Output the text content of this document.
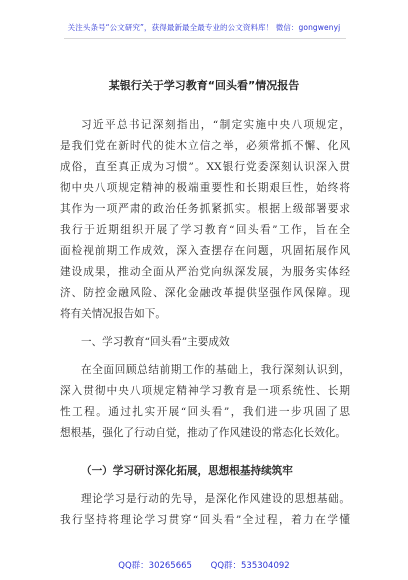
关注头条号“公文研究”，获得最新最全最专业的公文资料库！ 微信：gongwenyj
某银行关于学习教育“回头看”情况报告
习近平总书记深刻指出，“制定实施中央八项规定，
是我们党在新时代的徙木立信之举，必须常抓不懈、化风
成俗，直至真正成为习惯”。XX银行党委深刻认识深入贯
彻中央八项规定精神的极端重要性和长期艰巨性，始终将
其作为一项严肃的政治任务抓紧抓实。根据上级部署要求
我行于近期组织开展了学习教育“回头看”工作，旨在全
面检视前期工作成效，深入查摆存在问题，巩固拓展作风
建设成果，推动全面从严治党向纵深发展，为服务实体经
济、防控金融风险、深化金融改革提供坚强作风保障。现
将有关情况报告如下。
一、学习教育“回头看”主要成效
在全面回顾总结前期工作的基础上，我行深刻认识到，
深入贯彻中央八项规定精神学习教育是一项系统性、长期
性工程。通过扎实开展“回头看”，我们进一步巩固了思
想根基，强化了行动自觉，推动了作风建设的常态化长效化。
（一）学习研讨深化拓展，思想根基持续筑牢
理论学习是行动的先导，是深化作风建设的思想基础。
我行坚持将理论学习贯穿“回头看”全过程，着力在学懂
QQ群：30265665 QQ群：535304092
